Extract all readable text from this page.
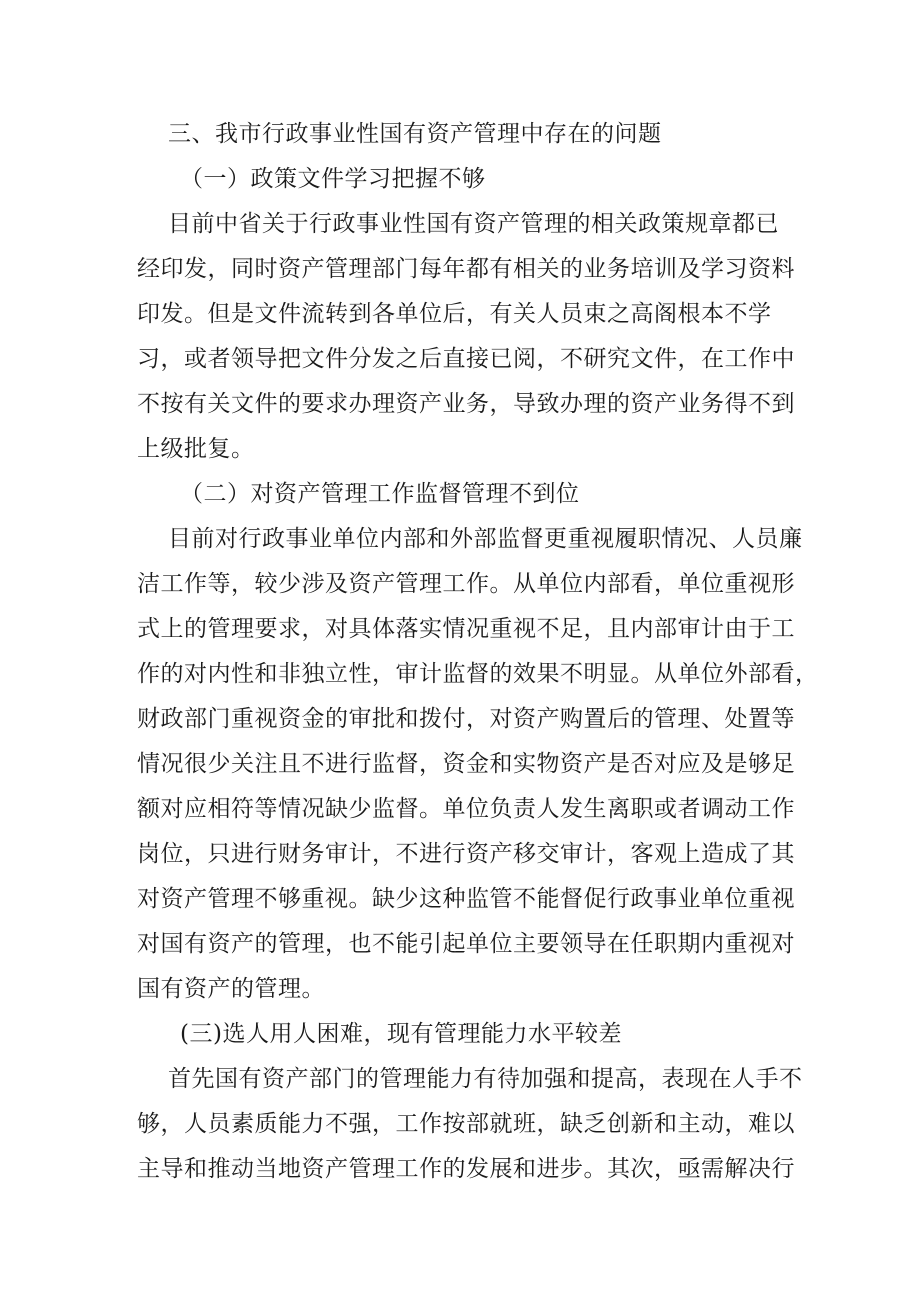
三、我市行政事业性国有资产管理中存在的问题
（一）政策文件学习把握不够
目前中省关于行政事业性国有资产管理的相关政策规章都已
经印发，同时资产管理部门每年都有相关的业务培训及学习资料
印发。但是文件流转到各单位后，有关人员束之高阁根本不学
习，或者领导把文件分发之后直接已阅，不研究文件，在工作中
不按有关文件的要求办理资产业务，导致办理的资产业务得不到
上级批复。
（二）对资产管理工作监督管理不到位
目前对行政事业单位内部和外部监督更重视履职情况、人员廉
洁工作等，较少涉及资产管理工作。从单位内部看，单位重视形
式上的管理要求，对具体落实情况重视不足，且内部审计由于工
作的对内性和非独立性，审计监督的效果不明显。从单位外部看，
财政部门重视资金的审批和拨付，对资产购置后的管理、处置等
情况很少关注且不进行监督，资金和实物资产是否对应及是够足
额对应相符等情况缺少监督。单位负责人发生离职或者调动工作
岗位，只进行财务审计，不进行资产移交审计，客观上造成了其
对资产管理不够重视。缺少这种监管不能督促行政事业单位重视
对国有资产的管理，也不能引起单位主要领导在任职期内重视对
国有资产的管理。
(三)选人用人困难，现有管理能力水平较差
首先国有资产部门的管理能力有待加强和提高，表现在人手不
够，人员素质能力不强，工作按部就班，缺乏创新和主动，难以
主导和推动当地资产管理工作的发展和进步。其次，亟需解决行
